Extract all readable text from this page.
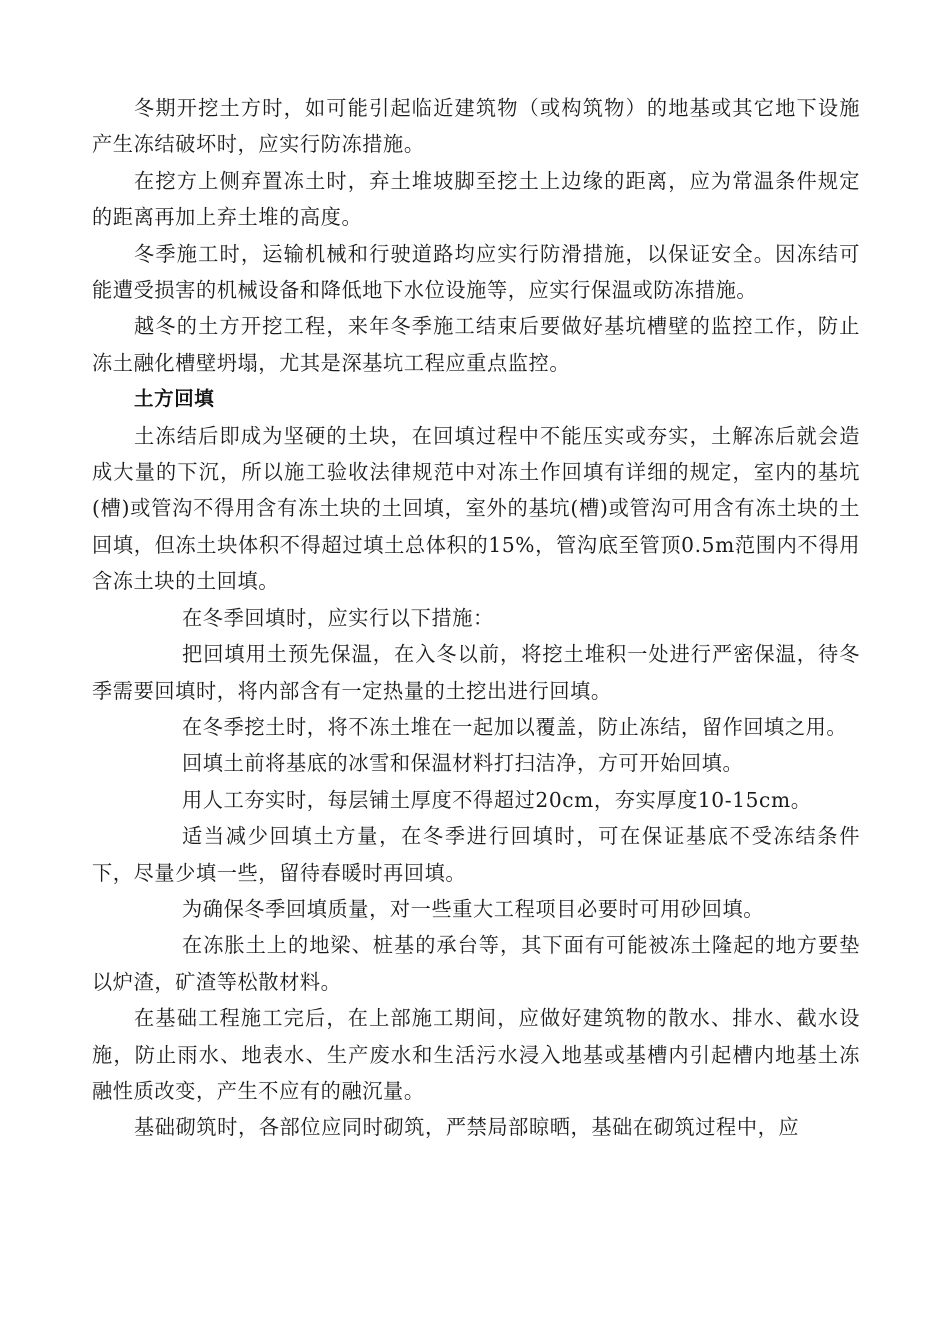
冬期开挖土方时，如可能引起临近建筑物（或构筑物）的地基或其它地下设施产生冻结破坏时，应实行防冻措施。

在挖方上侧弃置冻土时，弃土堆坡脚至挖土上边缘的距离，应为常温条件规定的距离再加上弃土堆的高度。

冬季施工时，运输机械和行驶道路均应实行防滑措施，以保证安全。因冻结可能遭受损害的机械设备和降低地下水位设施等，应实行保温或防冻措施。

越冬的土方开挖工程，来年冬季施工结束后要做好基坑槽壁的监控工作，防止冻土融化槽壁坍塌，尤其是深基坑工程应重点监控。

土方回填

土冻结后即成为坚硬的土块，在回填过程中不能压实或夯实，土解冻后就会造成大量的下沉，所以施工验收法律规范中对冻土作回填有详细的规定，室内的基坑(槽)或管沟不得用含有冻土块的土回填，室外的基坑(槽)或管沟可用含有冻土块的土回填，但冻土块体积不得超过填土总体积的15%，管沟底至管顶0.5m范围内不得用含冻土块的土回填。

在冬季回填时，应实行以下措施：

把回填用土预先保温，在入冬以前，将挖土堆积一处进行严密保温，待冬季需要回填时，将内部含有一定热量的土挖出进行回填。

在冬季挖土时，将不冻土堆在一起加以覆盖，防止冻结，留作回填之用。

回填土前将基底的冰雪和保温材料打扫洁净，方可开始回填。

用人工夯实时，每层铺土厚度不得超过20cm，夯实厚度10-15cm。

适当减少回填土方量，在冬季进行回填时，可在保证基底不受冻结条件下，尽量少填一些，留待春暖时再回填。

为确保冬季回填质量，对一些重大工程项目必要时可用砂回填。

在冻胀土上的地梁、桩基的承台等，其下面有可能被冻土隆起的地方要垫以炉渣，矿渣等松散材料。

在基础工程施工完后，在上部施工期间，应做好建筑物的散水、排水、截水设施，防止雨水、地表水、生产废水和生活污水浸入地基或基槽内引起槽内地基土冻融性质改变，产生不应有的融沉量。

基础砌筑时，各部位应同时砌筑，严禁局部晾晒，基础在砌筑过程中，应
